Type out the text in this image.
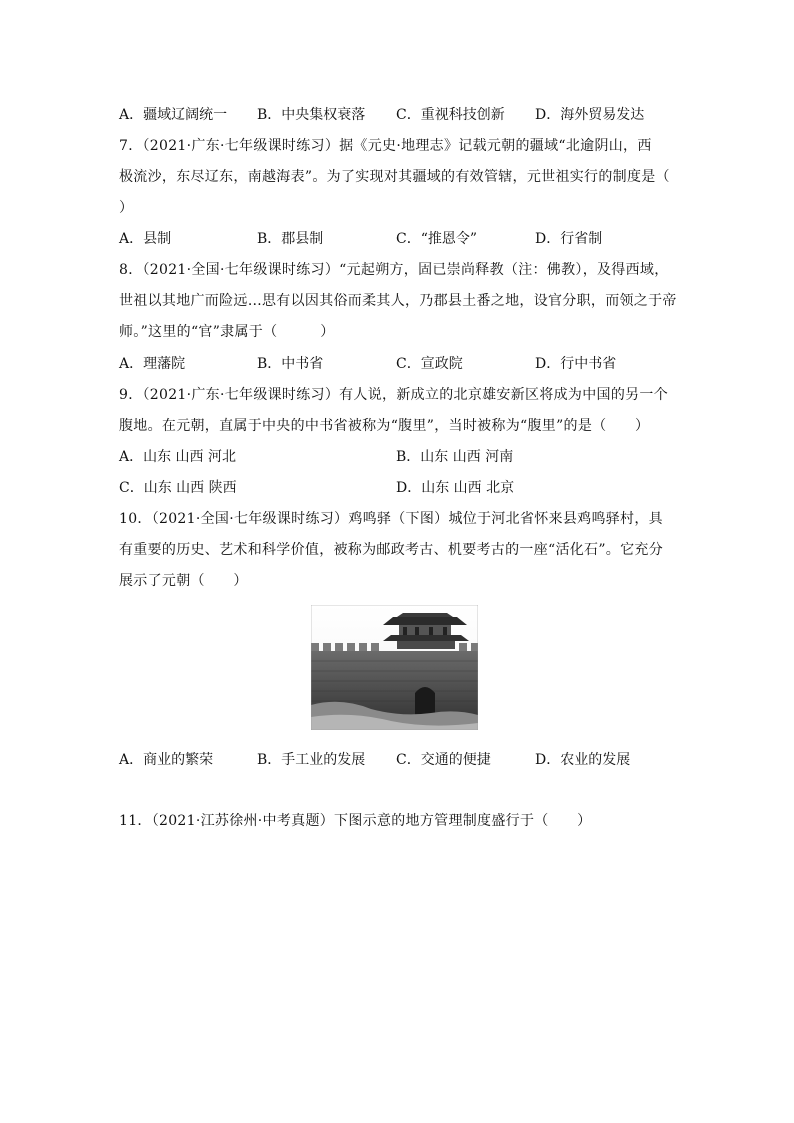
A．疆域辽阔统一 B．中央集权衰落 C．重视科技创新 D．海外贸易发达
7．（2021·广东·七年级课时练习）据《元史·地理志》记载元朝的疆域“北逾阴山，西
极流沙，东尽辽东，南越海表”。为了实现对其疆域的有效管辖，元世祖实行的制度是（
）
A．县制	B．郡县制	C．“推恩令”	D．行省制
8．（2021·全国·七年级课时练习）“元起朔方，固已崇尚释教（注：佛教），及得西域，
世祖以其地广而险远…思有以因其俗而柔其人，乃郡县土番之地，设官分职，而领之于帝
师。”这里的“官”隶属于（　　　）
A．理藩院	B．中书省	C．宣政院	D．行中书省
9．（2021·广东·七年级课时练习）有人说，新成立的北京雄安新区将成为中国的另一个
腹地。在元朝，直属于中央的中书省被称为“腹里”，当时被称为“腹里”的是（　　）
A．山东 山西 河北	B．山东 山西 河南
C．山东 山西 陕西	D．山东 山西 北京
10．（2021·全国·七年级课时练习）鸡鸣驿（下图）城位于河北省怀来县鸡鸣驿村，具
有重要的历史、艺术和科学价值，被称为邮政考古、机要考古的一座“活化石”。它充分
展示了元朝（　　）
A．商业的繁荣	B．手工业的发展 C．交通的便捷	D．农业的发展
11．（2021·江苏徐州·中考真题）下图示意的地方管理制度盛行于（　　）
